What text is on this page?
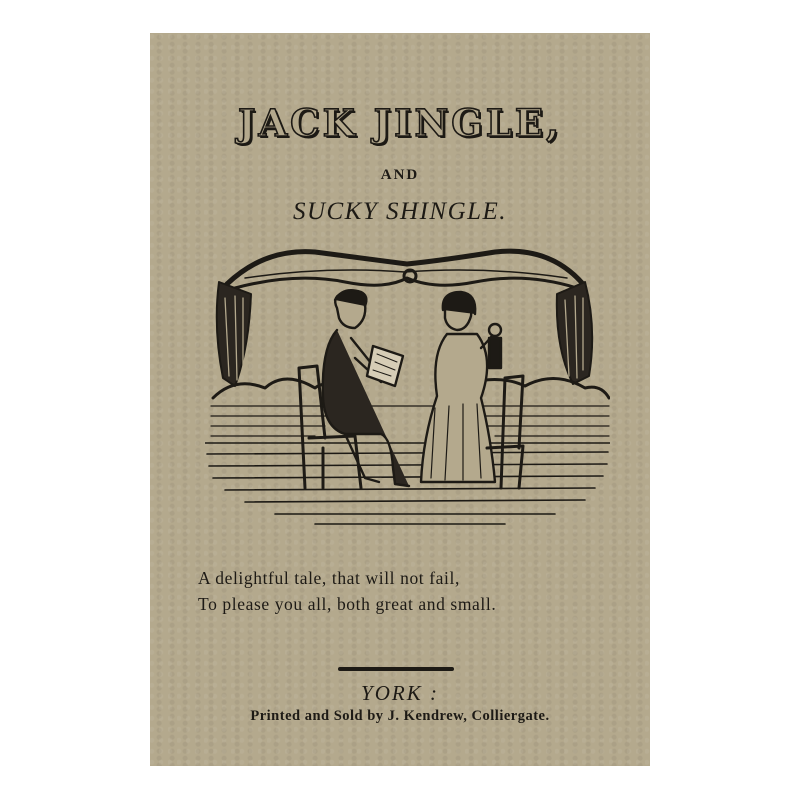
JACK JINGLE,
AND
SUCKY SHINGLE.
A delightful tale, that will not fail,
To please you all, both great and small.
YORK :
Printed and Sold by J. Kendrew, Colliergate.
